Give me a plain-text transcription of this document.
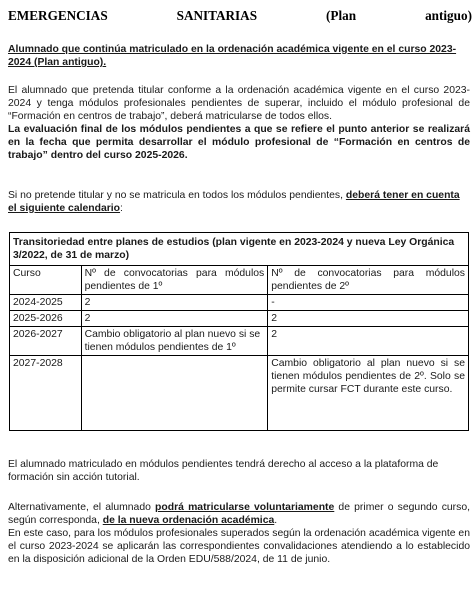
EMERGENCIAS	SANITARIAS	(Plan	antiguo)

Alumnado que continúa matriculado en la ordenación académica vigente en el curso 2023-2024 (Plan antiguo).

El alumnado que pretenda titular conforme a la ordenación académica vigente en el curso 2023-2024 y tenga módulos profesionales pendientes de superar, incluido el módulo profesional de “Formación en centros de trabajo”, deberá matricularse de todos ellos.

La evaluación final de los módulos pendientes a que se refiere el punto anterior se realizará en la fecha que permita desarrollar el módulo profesional de “Formación en centros de trabajo” dentro del curso 2025-2026.

Si no pretende titular y no se matricula en todos los módulos pendientes, deberá tener en cuenta el siguiente calendario:

Transitoriedad entre planes de estudios (plan vigente en 2023-2024 y nueva Ley Orgánica 3/2022, de 31 de marzo)		
Curso	Nº de convocatorias para módulos pendientes de 1º	Nº de convocatorias para módulos pendientes de 2º
2024-2025	2	-
2025-2026	2	2
2026-2027	Cambio obligatorio al plan nuevo si se tienen módulos pendientes de 1º	2
2027-2028		Cambio obligatorio al plan nuevo si se tienen módulos pendientes de 2º. Solo se permite cursar FCT durante este curso.

El alumnado matriculado en módulos pendientes tendrá derecho al acceso a la plataforma de formación sin acción tutorial.

Alternativamente, el alumnado podrá matricularse voluntariamente de primer o segundo curso, según corresponda, de la nueva ordenación académica.

En este caso, para los módulos profesionales superados según la ordenación académica vigente en el curso 2023-2024 se aplicarán las correspondientes convalidaciones atendiendo a lo establecido en la disposición adicional de la Orden EDU/588/2024, de 11 de junio.
